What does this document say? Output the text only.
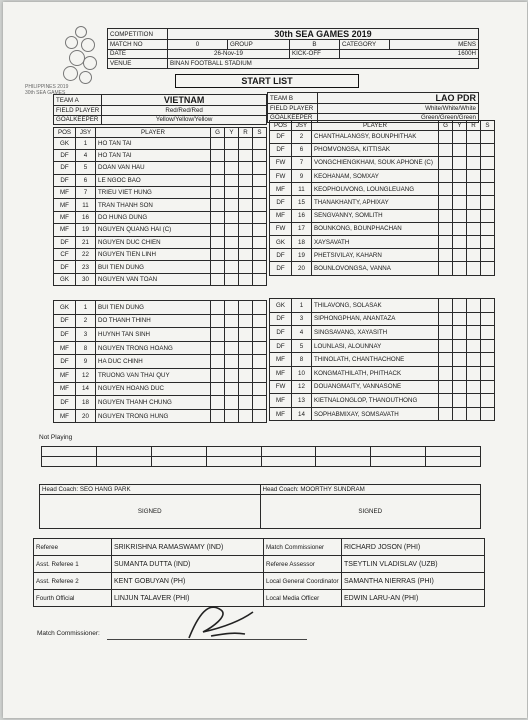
PHILIPPINES 2019
30th SEA GAMES
COMPETITION	30th SEA GAMES 2019				
MATCH NO	0	GROUP	B	CATEGORY	MENS
DATE	26-Nov-19		KICK-OFF	1600H	
VENUE	BINAN FOOTBALL STADIUM				
START LIST
TEAM A	VIETNAM
FIELD PLAYER	Red/Red/Red
GOALKEEPER	Yellow/Yellow/Yellow
TEAM B	LAO PDR
FIELD PLAYER	White/White/White
GOALKEEPER	Green/Green/Green
POS	JSY	PLAYER	G	Y	R	S
GK	1	HO TAN TAI				
DF	4	HO TAN TAI				
DF	5	DOAN VAN HAU				
DF	6	LE NGOC BAO				
MF	7	TRIEU VIET HUNG				
MF	11	TRAN THANH SON				
MF	16	DO HUNG DUNG				
MF	19	NGUYEN QUANG HAI (C)				
DF	21	NGUYEN DUC CHIEN				
CF	22	NGUYEN TIEN LINH				
DF	23	BUI TIEN DUNG				
GK	30	NGUYEN VAN TOAN				
POS	JSY	PLAYER	G	Y	R	S
DF	2	CHANTHALANGSY, BOUNPHITHAK				
DF	6	PHOMVONGSA, KITTISAK				
FW	7	VONGCHIENGKHAM, SOUK APHONE (C)				
FW	9	KEOHANAM, SOMXAY				
MF	11	KEOPHOUVONG, LOUNGLEUANG				
DF	15	THANAKHANTY, APHIXAY				
MF	16	SENGVANNY, SOMLITH				
FW	17	BOUNKONG, BOUNPHACHAN				
GK	18	XAYSAVATH				
DF	19	PHETSIVILAY, KAHARN				
DF	20	BOUNLOVONGSA, VANNA				
GK	1	BUI TIEN DUNG				
DF	2	DO THANH THINH				
DF	3	HUYNH TAN SINH				
MF	8	NGUYEN TRONG HOANG				
DF	9	HA DUC CHINH				
MF	12	TRUONG VAN THAI QUY				
MF	14	NGUYEN HOANG DUC				
DF	18	NGUYEN THANH CHUNG				
MF	20	NGUYEN TRONG HUNG				
GK	1	THILAVONG, SOLASAK				
DF	3	SIPHONGPHAN, ANANTAZA				
DF	4	SINGSAVANG, XAYASITH				
DF	5	LOUNLASI, ALOUNNAY				
MF	8	THINOLATH, CHANTHACHONE				
MF	10	KONGMATHILATH, PHITHACK				
FW	12	DOUANGMAITY, VANNASONE				
MF	13	KIETNALONGLOP, THANOUTHONG				
MF	14	SOPHABMIXAY, SOMSAVATH				
Not Playing

Head Coach: SEO HANG PARK	Head Coach: MOORTHY SUNDRAM
SIGNED	SIGNED
Referee	SRIKRISHNA RAMASWAMY (IND)	Match Commissioner	RICHARD JOSON (PHI)
Asst. Referee 1	SUMANTA DUTTA (IND)	Referee Assessor	TSEYTLIN VLADISLAV (UZB)
Asst. Referee 2	KENT GOBUYAN (PH)	Local General Coordinator	SAMANTHA NIERRAS (PHI)
Fourth Official	LINJUN TALAVER (PHI)	Local Media Officer	EDWIN LARU-AN (PHI)
Match Commissioner:
